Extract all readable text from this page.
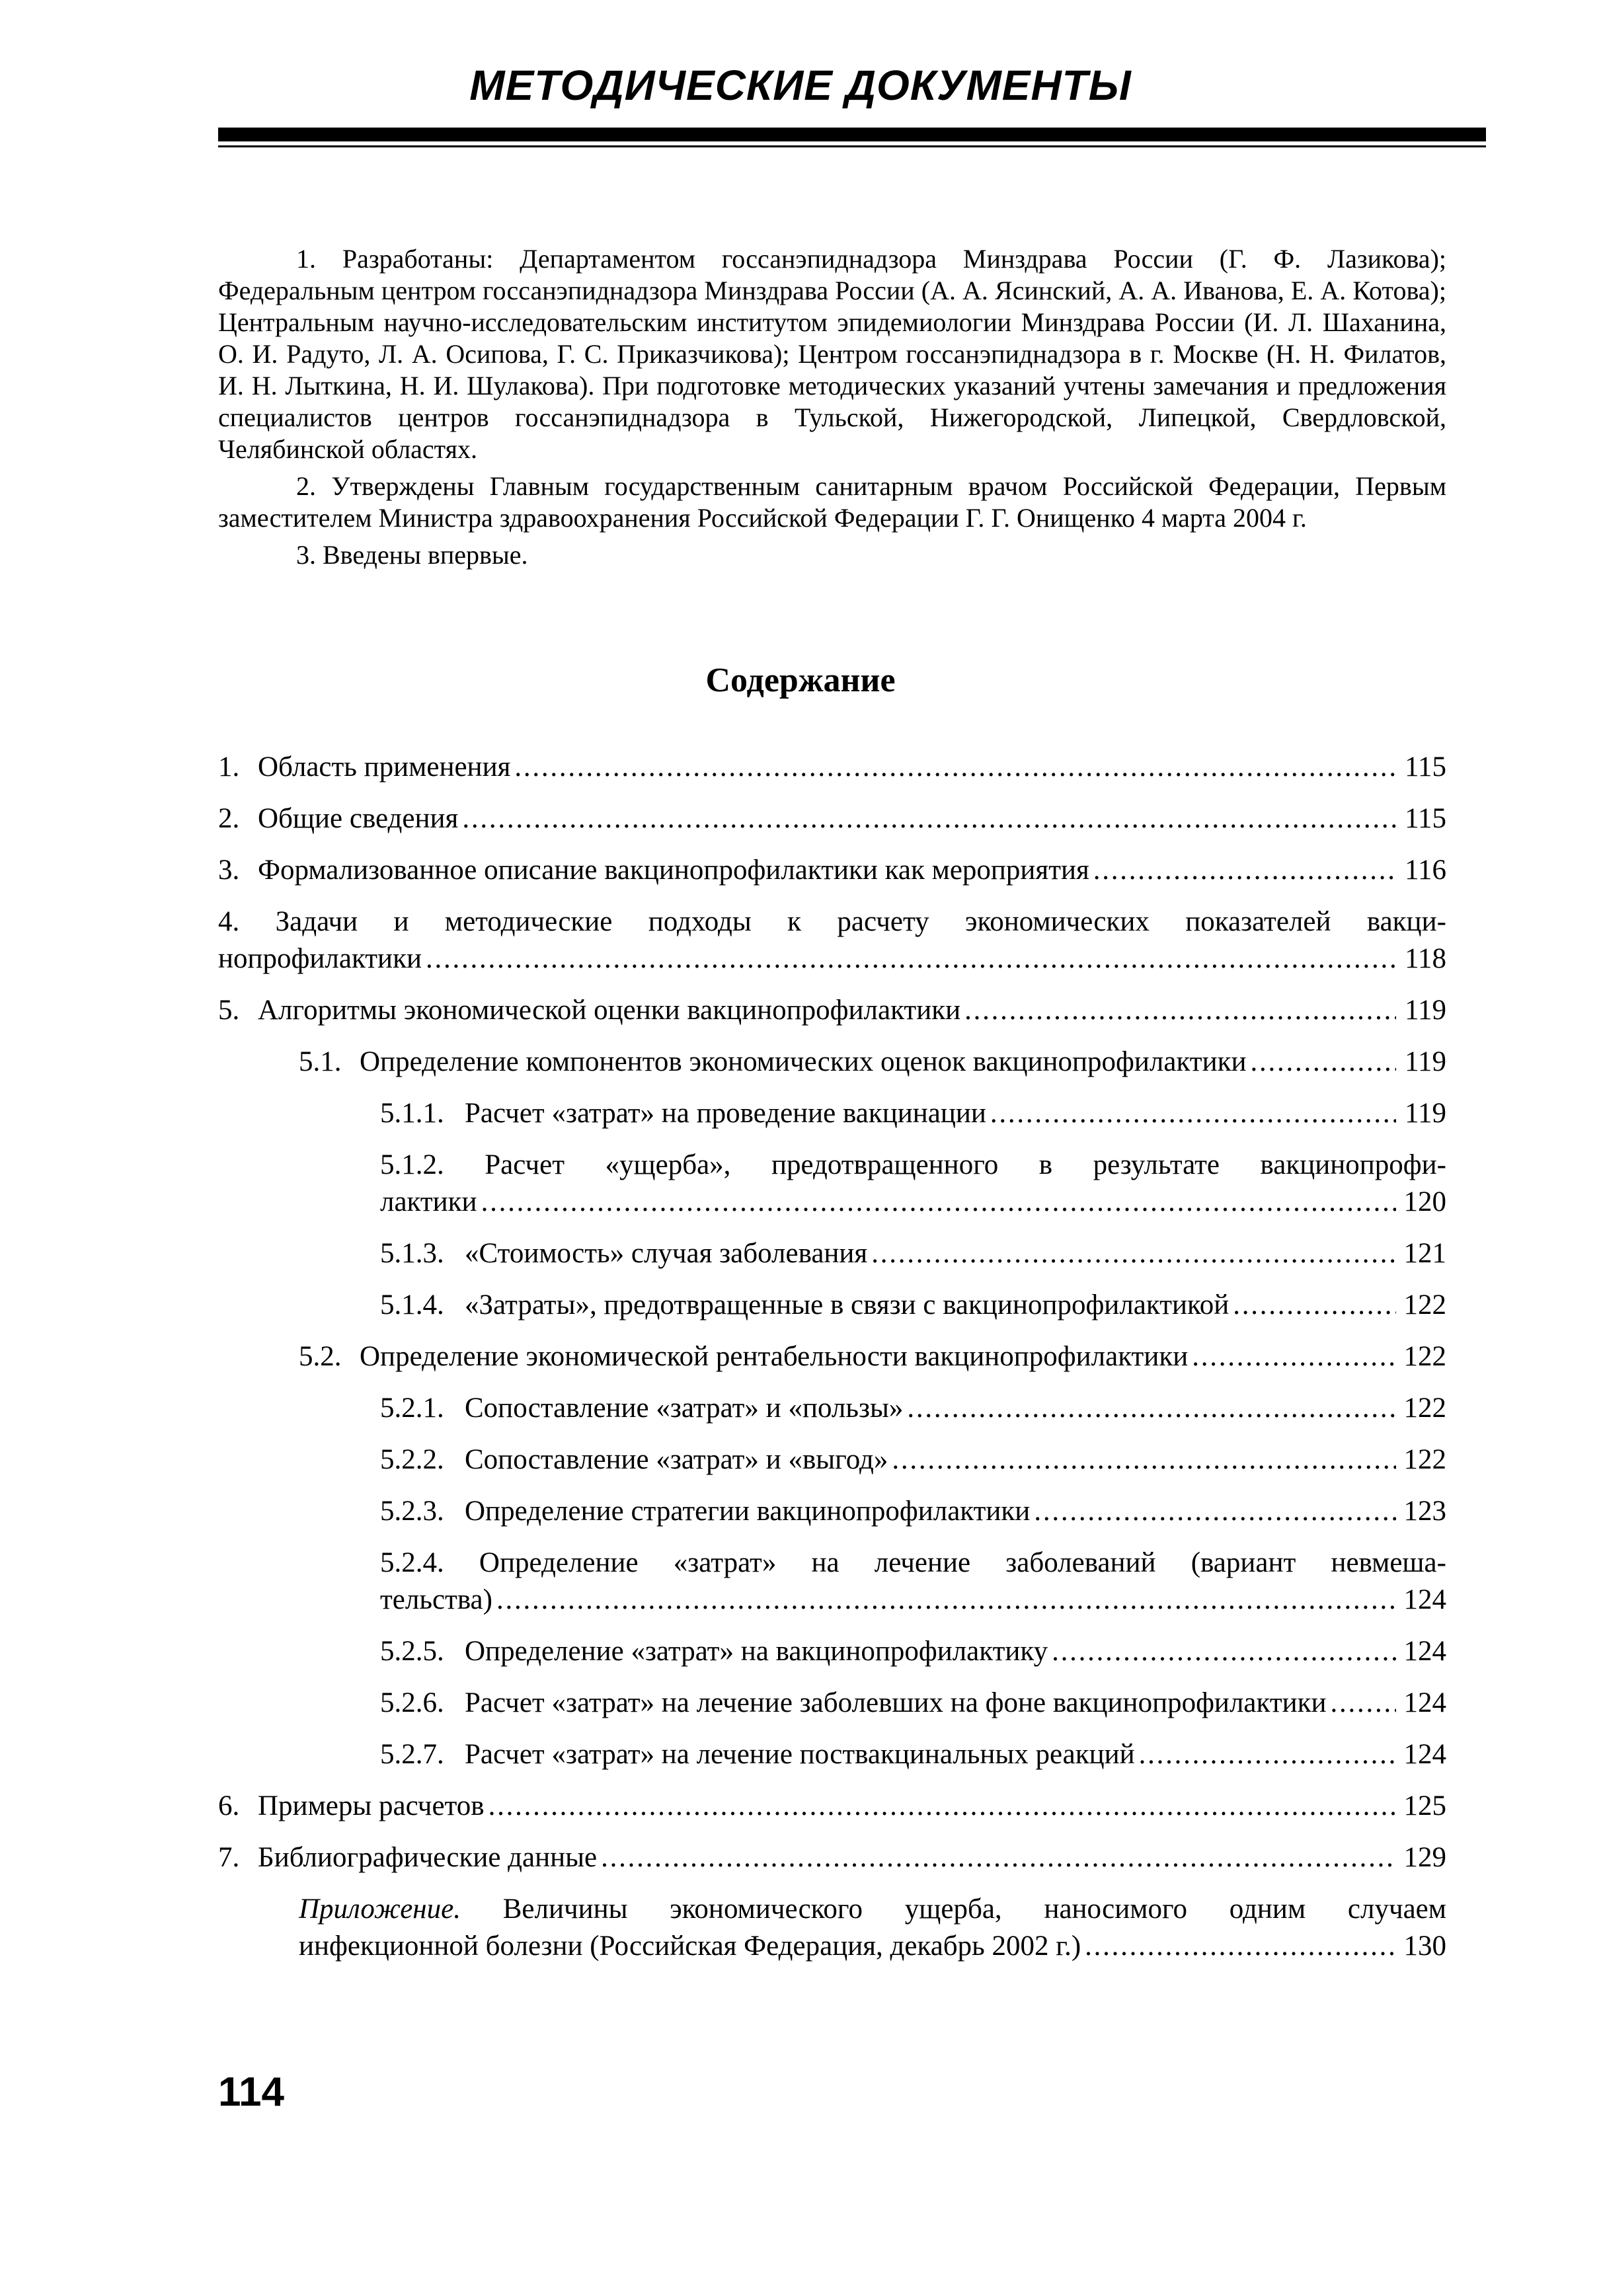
МЕТОДИЧЕСКИЕ ДОКУМЕНТЫ

1. Разработаны: Департаментом госсанэпиднадзора Минздрава России (Г. Ф. Лазикова); Федеральным центром госсанэпиднадзора Минздрава России (А. А. Ясинский, А. А. Иванова, Е. А. Котова); Центральным научно-исследовательским институтом эпидемиологии Минздрава России (И. Л. Шаханина, О. И. Радуто, Л. А. Осипова, Г. С. Приказчикова); Центром госсанэпиднадзора в г. Москве (Н. Н. Филатов, И. Н. Лыткина, Н. И. Шулакова). При подготовке методических указаний учтены замечания и предложения специалистов центров госсанэпиднадзора в Тульской, Нижегородской, Липецкой, Свердловской, Челябинской областях.

2. Утверждены Главным государственным санитарным врачом Российской Федерации, Первым заместителем Министра здравоохранения Российской Федерации Г. Г. Онищенко 4 марта 2004 г.

3. Введены впервые.

Содержание
1. Область применения . . .	115
2. Общие сведения . . .	115
3. Формализованное описание вакцинопрофилактики как мероприятия . . .	116
4. Задачи и методические подходы к расчету экономических показателей вакци-
нопрофилактики . . .	118
5. Алгоритмы экономической оценки вакцинопрофилактики . . .	119
5.1. Определение компонентов экономических оценок вакцинопрофилактики . . .	119
5.1.1. Расчет «затрат» на проведение вакцинации . . .	119
5.1.2. Расчет «ущерба», предотвращенного в результате вакцинопрофи-
лактики . . .	120
5.1.3. «Стоимость» случая заболевания . . .	121
5.1.4. «Затраты», предотвращенные в связи с вакцинопрофилактикой . . .	122
5.2. Определение экономической рентабельности вакцинопрофилактики . . .	122
5.2.1. Сопоставление «затрат» и «пользы» . . .	122
5.2.2. Сопоставление «затрат» и «выгод» . . .	122
5.2.3. Определение стратегии вакцинопрофилактики . . .	123
5.2.4. Определение «затрат» на лечение заболеваний (вариант невмеша-
тельства) . . .	124
5.2.5. Определение «затрат» на вакцинопрофилактику . . .	124
5.2.6. Расчет «затрат» на лечение заболевших на фоне вакцинопрофилактики . . .	124
5.2.7. Расчет «затрат» на лечение поствакцинальных реакций . . .	124
6. Примеры расчетов . . .	125
7. Библиографические данные . . .	129
Приложение. Величины экономического ущерба, наносимого одним случаем
инфекционной болезни (Российская Федерация, декабрь 2002 г.) . . .	130
114
